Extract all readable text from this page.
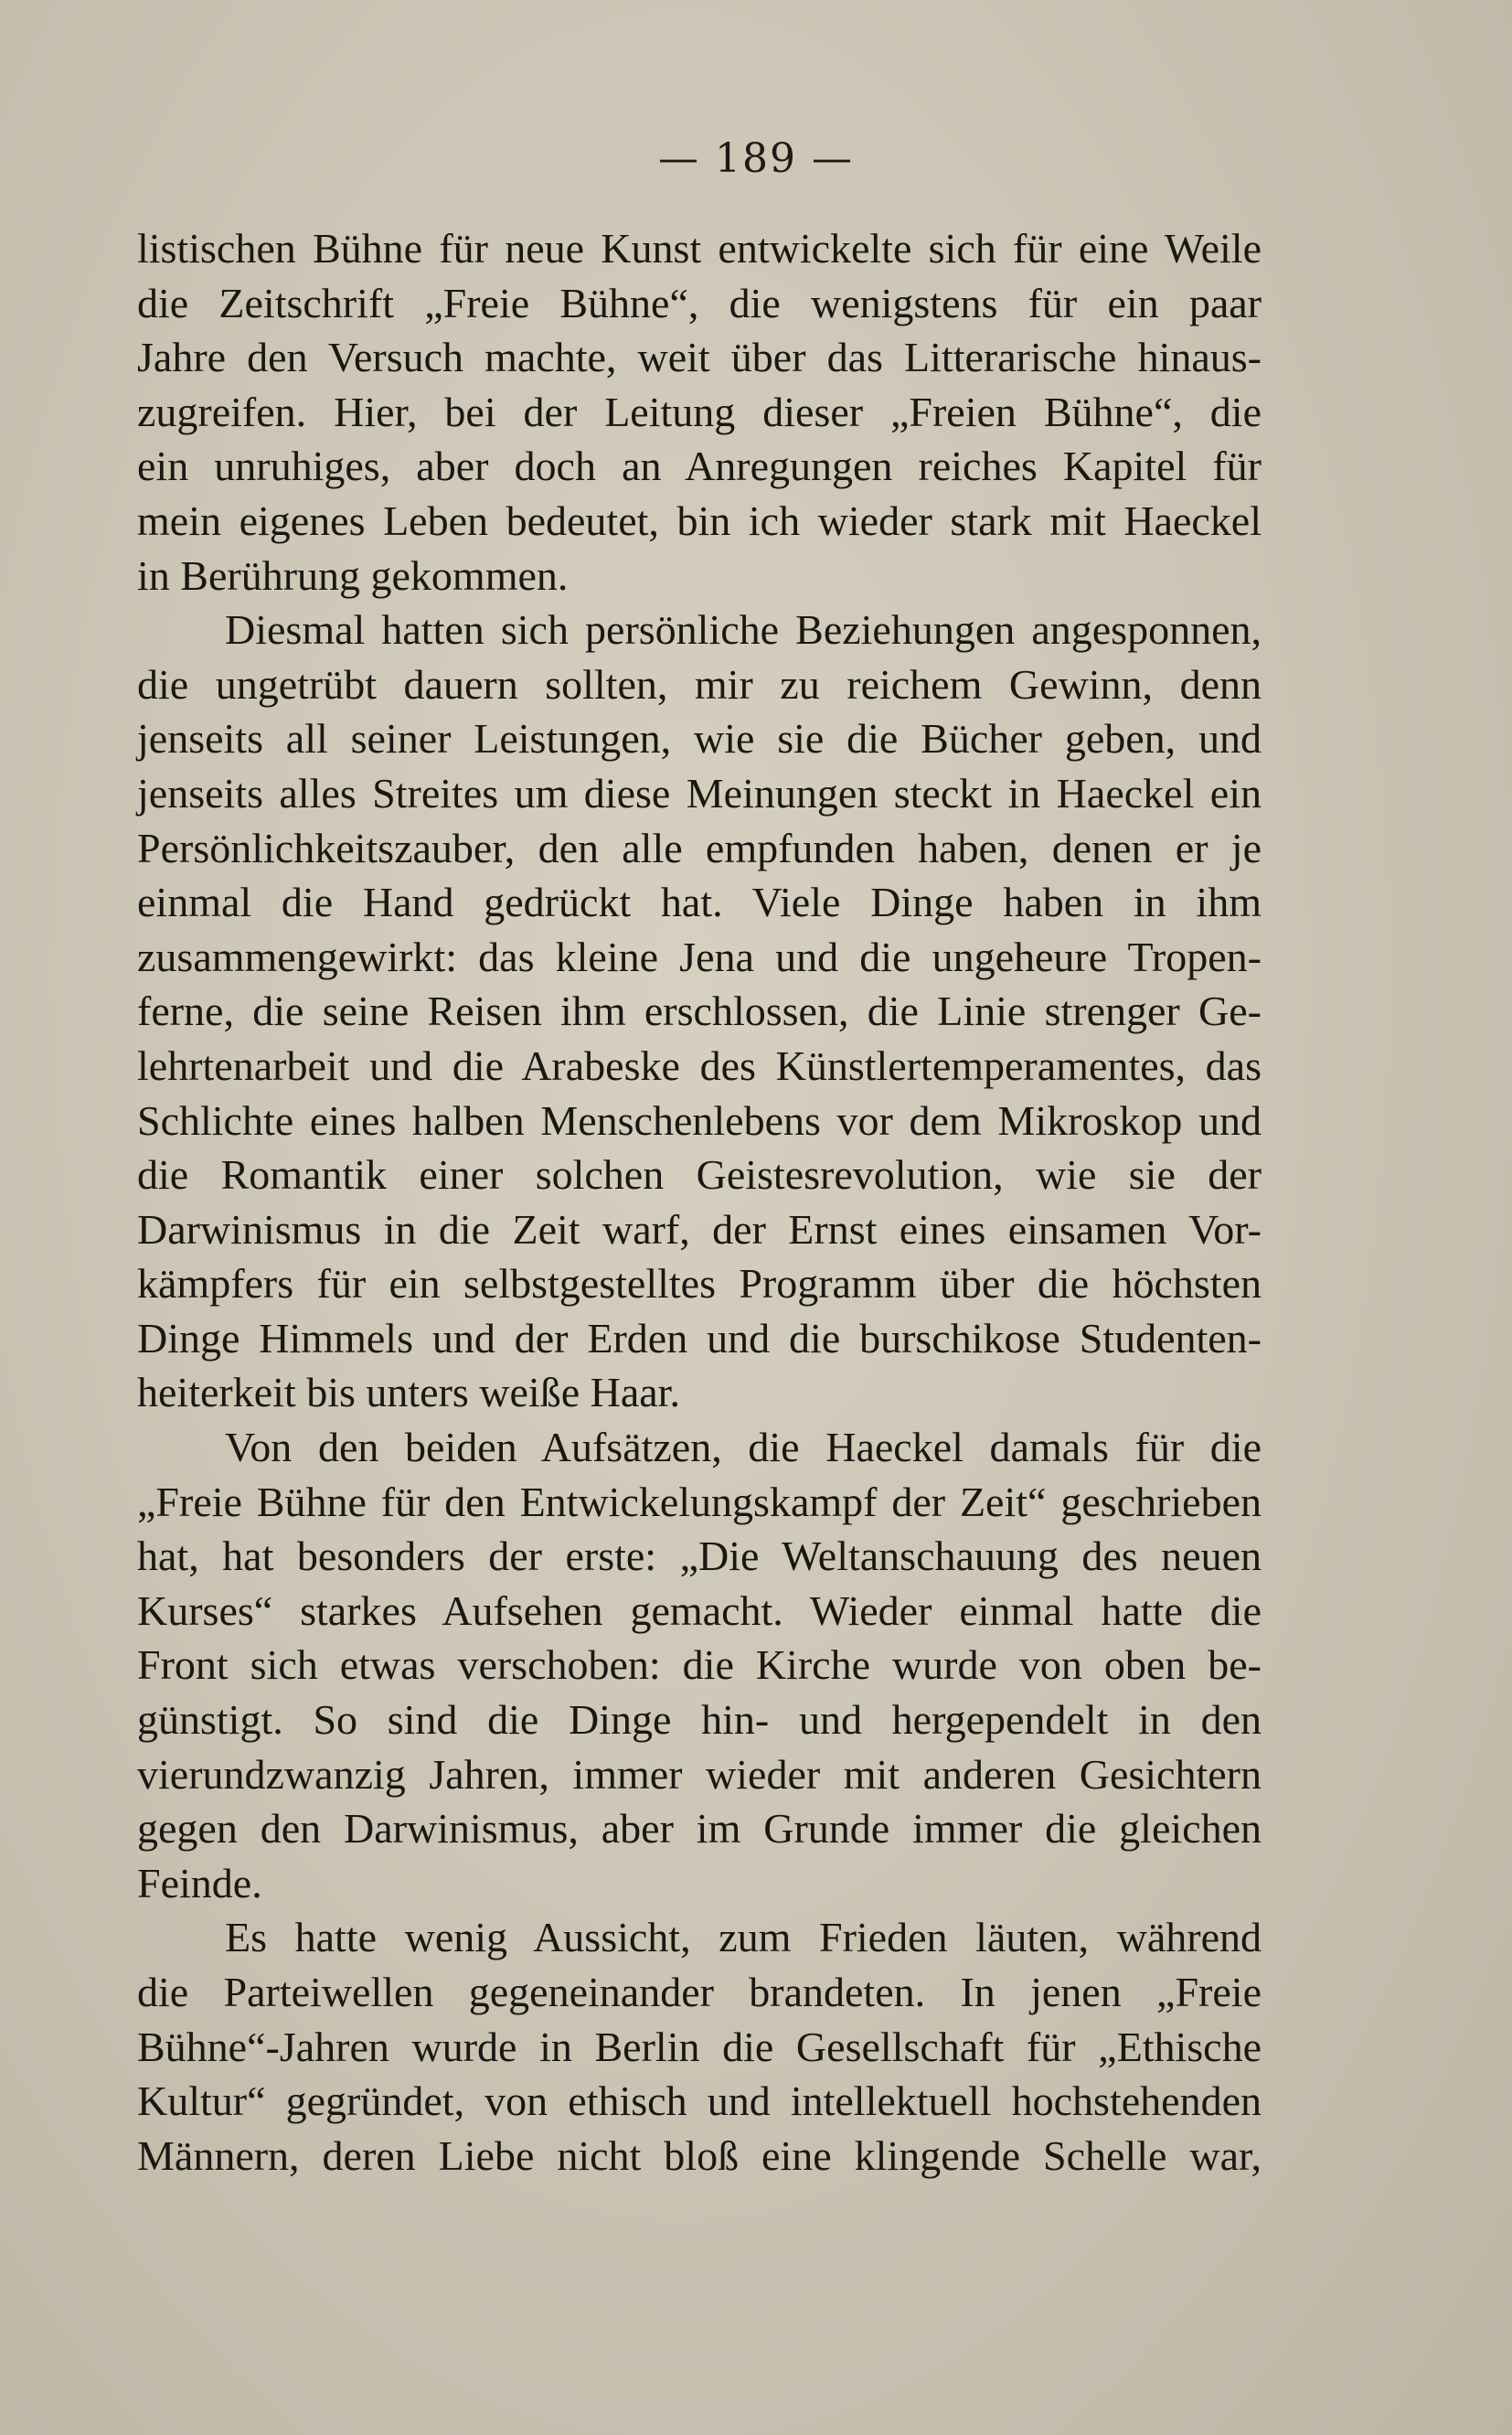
— 189 —
listischen Bühne für neue Kunst entwickelte sich für eine Weile
die Zeitschrift „Freie Bühne“, die wenigstens für ein paar
Jahre den Versuch machte, weit über das Litterarische hinaus-
zugreifen. Hier, bei der Leitung dieser „Freien Bühne“, die
ein unruhiges, aber doch an Anregungen reiches Kapitel für
mein eigenes Leben bedeutet, bin ich wieder stark mit Haeckel
in Berührung gekommen.
Diesmal hatten sich persönliche Beziehungen angesponnen,
die ungetrübt dauern sollten, mir zu reichem Gewinn, denn
jenseits all seiner Leistungen, wie sie die Bücher geben, und
jenseits alles Streites um diese Meinungen steckt in Haeckel ein
Persönlichkeitszauber, den alle empfunden haben, denen er je
einmal die Hand gedrückt hat. Viele Dinge haben in ihm
zusammengewirkt: das kleine Jena und die ungeheure Tropen-
ferne, die seine Reisen ihm erschlossen, die Linie strenger Ge-
lehrtenarbeit und die Arabeske des Künstlertemperamentes, das
Schlichte eines halben Menschenlebens vor dem Mikroskop und
die Romantik einer solchen Geistesrevolution, wie sie der
Darwinismus in die Zeit warf, der Ernst eines einsamen Vor-
kämpfers für ein selbstgestelltes Programm über die höchsten
Dinge Himmels und der Erden und die burschikose Studenten-
heiterkeit bis unters weiße Haar.
Von den beiden Aufsätzen, die Haeckel damals für die
„Freie Bühne für den Entwickelungskampf der Zeit“ geschrieben
hat, hat besonders der erste: „Die Weltanschauung des neuen
Kurses“ starkes Aufsehen gemacht. Wieder einmal hatte die
Front sich etwas verschoben: die Kirche wurde von oben be-
günstigt. So sind die Dinge hin- und hergependelt in den
vierundzwanzig Jahren, immer wieder mit anderen Gesichtern
gegen den Darwinismus, aber im Grunde immer die gleichen
Feinde.
Es hatte wenig Aussicht, zum Frieden läuten, während
die Parteiwellen gegeneinander brandeten. In jenen „Freie
Bühne“-Jahren wurde in Berlin die Gesellschaft für „Ethische
Kultur“ gegründet, von ethisch und intellektuell hochstehenden
Männern, deren Liebe nicht bloß eine klingende Schelle war,
